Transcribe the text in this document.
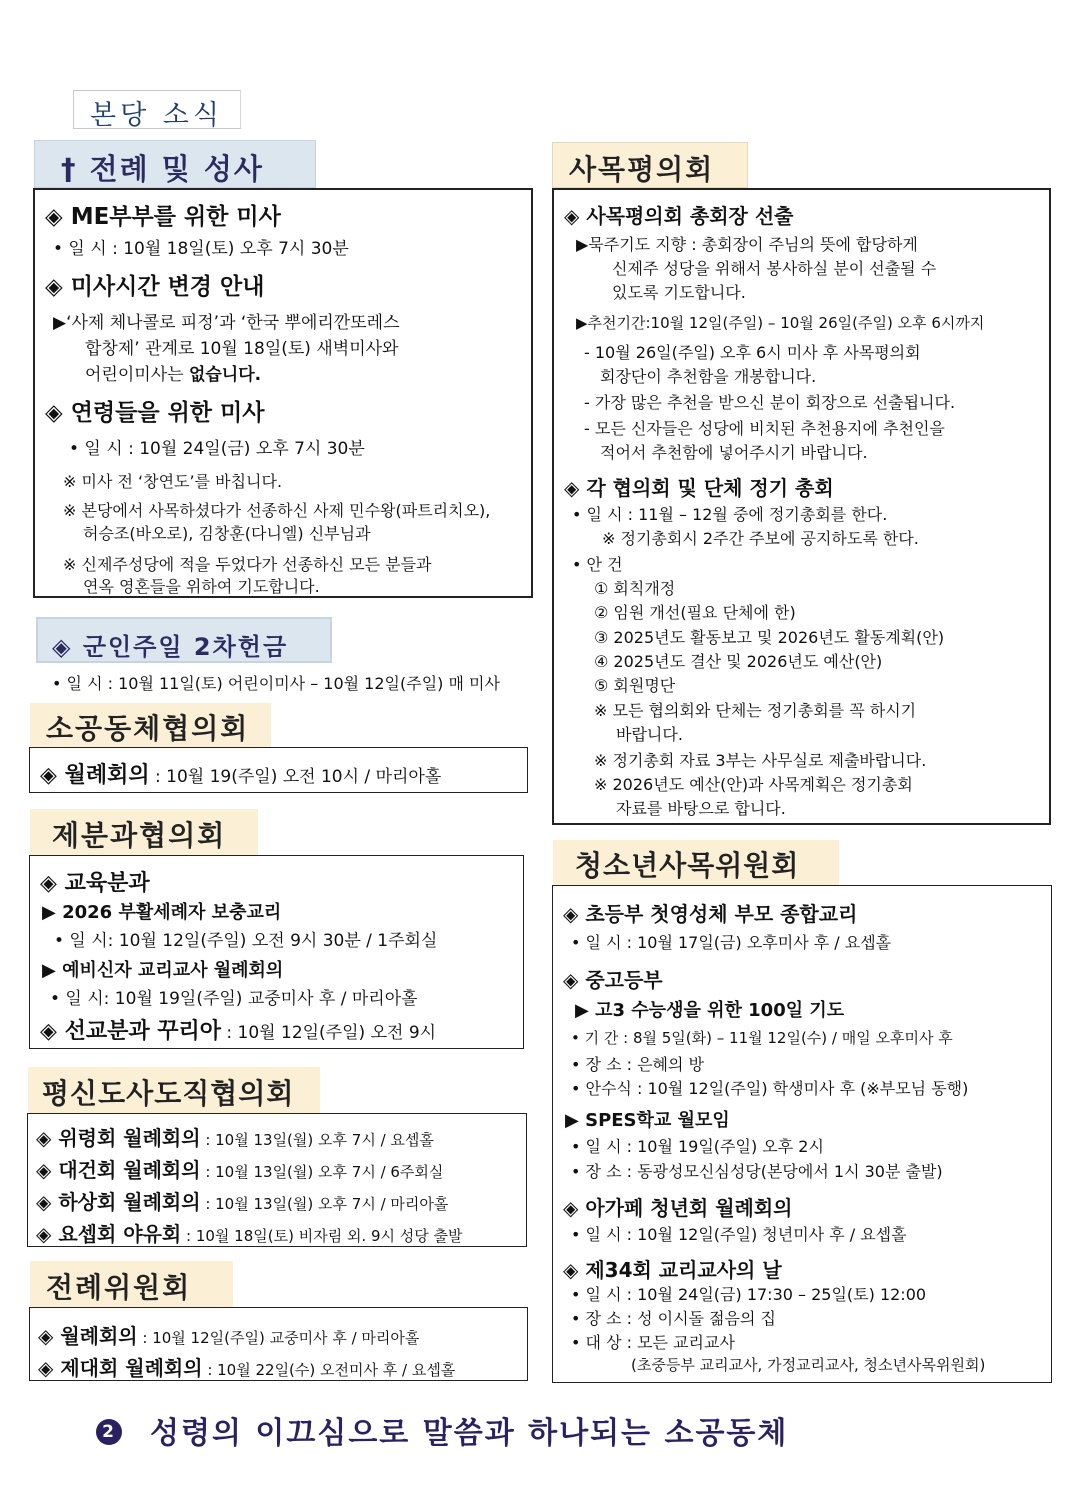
본당 소식
† 전례 및 성사
◈ ME부부를 위한 미사
• 일 시 : 10월 18일(토) 오후 7시 30분
◈ 미사시간 변경 안내
▶‘사제 체나콜로 피정’과 ‘한국 뿌에리깐또레스
합창제’ 관계로 10월 18일(토) 새벽미사와
어린이미사는 없습니다.
◈ 연령들을 위한 미사
• 일 시 : 10월 24일(금) 오후 7시 30분
※ 미사 전 ‘창연도’를 바칩니다.
※ 본당에서 사목하셨다가 선종하신 사제 민수왕(파트리치오),
허승조(바오로), 김창훈(다니엘) 신부님과
※ 신제주성당에 적을 두었다가 선종하신 모든 분들과
연옥 영혼들을 위하여 기도합니다.
◈ 군인주일 2차헌금
• 일 시 : 10월 11일(토) 어린이미사 – 10월 12일(주일) 매 미사
소공동체협의회
◈ 월례회의 : 10월 19(주일) 오전 10시 / 마리아홀
제분과협의회
◈ 교육분과
▶ 2026 부활세례자 보충교리
• 일 시: 10월 12일(주일) 오전 9시 30분 / 1주회실
▶ 예비신자 교리교사 월례회의
• 일 시: 10월 19일(주일) 교중미사 후 / 마리아홀
◈ 선교분과 꾸리아 : 10월 12일(주일) 오전 9시
평신도사도직협의회
◈ 위령회 월례회의 : 10월 13일(월) 오후 7시 / 요셉홀
◈ 대건회 월례회의 : 10월 13일(월) 오후 7시 / 6주회실
◈ 하상회 월례회의 : 10월 13일(월) 오후 7시 / 마리아홀
◈ 요셉회 야유회 : 10월 18일(토) 비자림 외. 9시 성당 출발
전례위원회
◈ 월례회의 : 10월 12일(주일) 교중미사 후 / 마리아홀
◈ 제대회 월례회의 : 10월 22일(수) 오전미사 후 / 요셉홀
사목평의회
◈ 사목평의회 총회장 선출
▶묵주기도 지향 : 총회장이 주님의 뜻에 합당하게
신제주 성당을 위해서 봉사하실 분이 선출될 수
있도록 기도합니다.
▶추천기간:10월 12일(주일) – 10월 26일(주일) 오후 6시까지
- 10월 26일(주일) 오후 6시 미사 후 사목평의회
회장단이 추천함을 개봉합니다.
- 가장 많은 추천을 받으신 분이 회장으로 선출됩니다.
- 모든 신자들은 성당에 비치된 추천용지에 추천인을
적어서 추천함에 넣어주시기 바랍니다.
◈ 각 협의회 및 단체 정기 총회
• 일 시 : 11월 – 12월 중에 정기총회를 한다.
※ 정기총회시 2주간 주보에 공지하도록 한다.
• 안 건
① 회칙개정
② 임원 개선(필요 단체에 한)
③ 2025년도 활동보고 및 2026년도 활동계획(안)
④ 2025년도 결산 및 2026년도 예산(안)
⑤ 회원명단
※ 모든 협의회와 단체는 정기총회를 꼭 하시기
바랍니다.
※ 정기총회 자료 3부는 사무실로 제출바랍니다.
※ 2026년도 예산(안)과 사목계획은 정기총회
자료를 바탕으로 합니다.
청소년사목위원회
◈ 초등부 첫영성체 부모 종합교리
• 일 시 : 10월 17일(금) 오후미사 후 / 요셉홀
◈ 중고등부
▶ 고3 수능생을 위한 100일 기도
• 기 간 : 8월 5일(화) – 11월 12일(수) / 매일 오후미사 후
• 장 소 : 은혜의 방
• 안수식 : 10월 12일(주일) 학생미사 후 (※부모님 동행)
▶ SPES학교 월모임
• 일 시 : 10월 19일(주일) 오후 2시
• 장 소 : 동광성모신심성당(본당에서 1시 30분 출발)
◈ 아가페 청년회 월례회의
• 일 시 : 10월 12일(주일) 청년미사 후 / 요셉홀
◈ 제34회 교리교사의 날
• 일 시 : 10월 24일(금) 17:30 – 25일(토) 12:00
• 장 소 : 성 이시돌 젊음의 집
• 대 상 : 모든 교리교사
(초중등부 교리교사, 가정교리교사, 청소년사목위원회)
2 성령의 이끄심으로 말씀과 하나되는 소공동체
